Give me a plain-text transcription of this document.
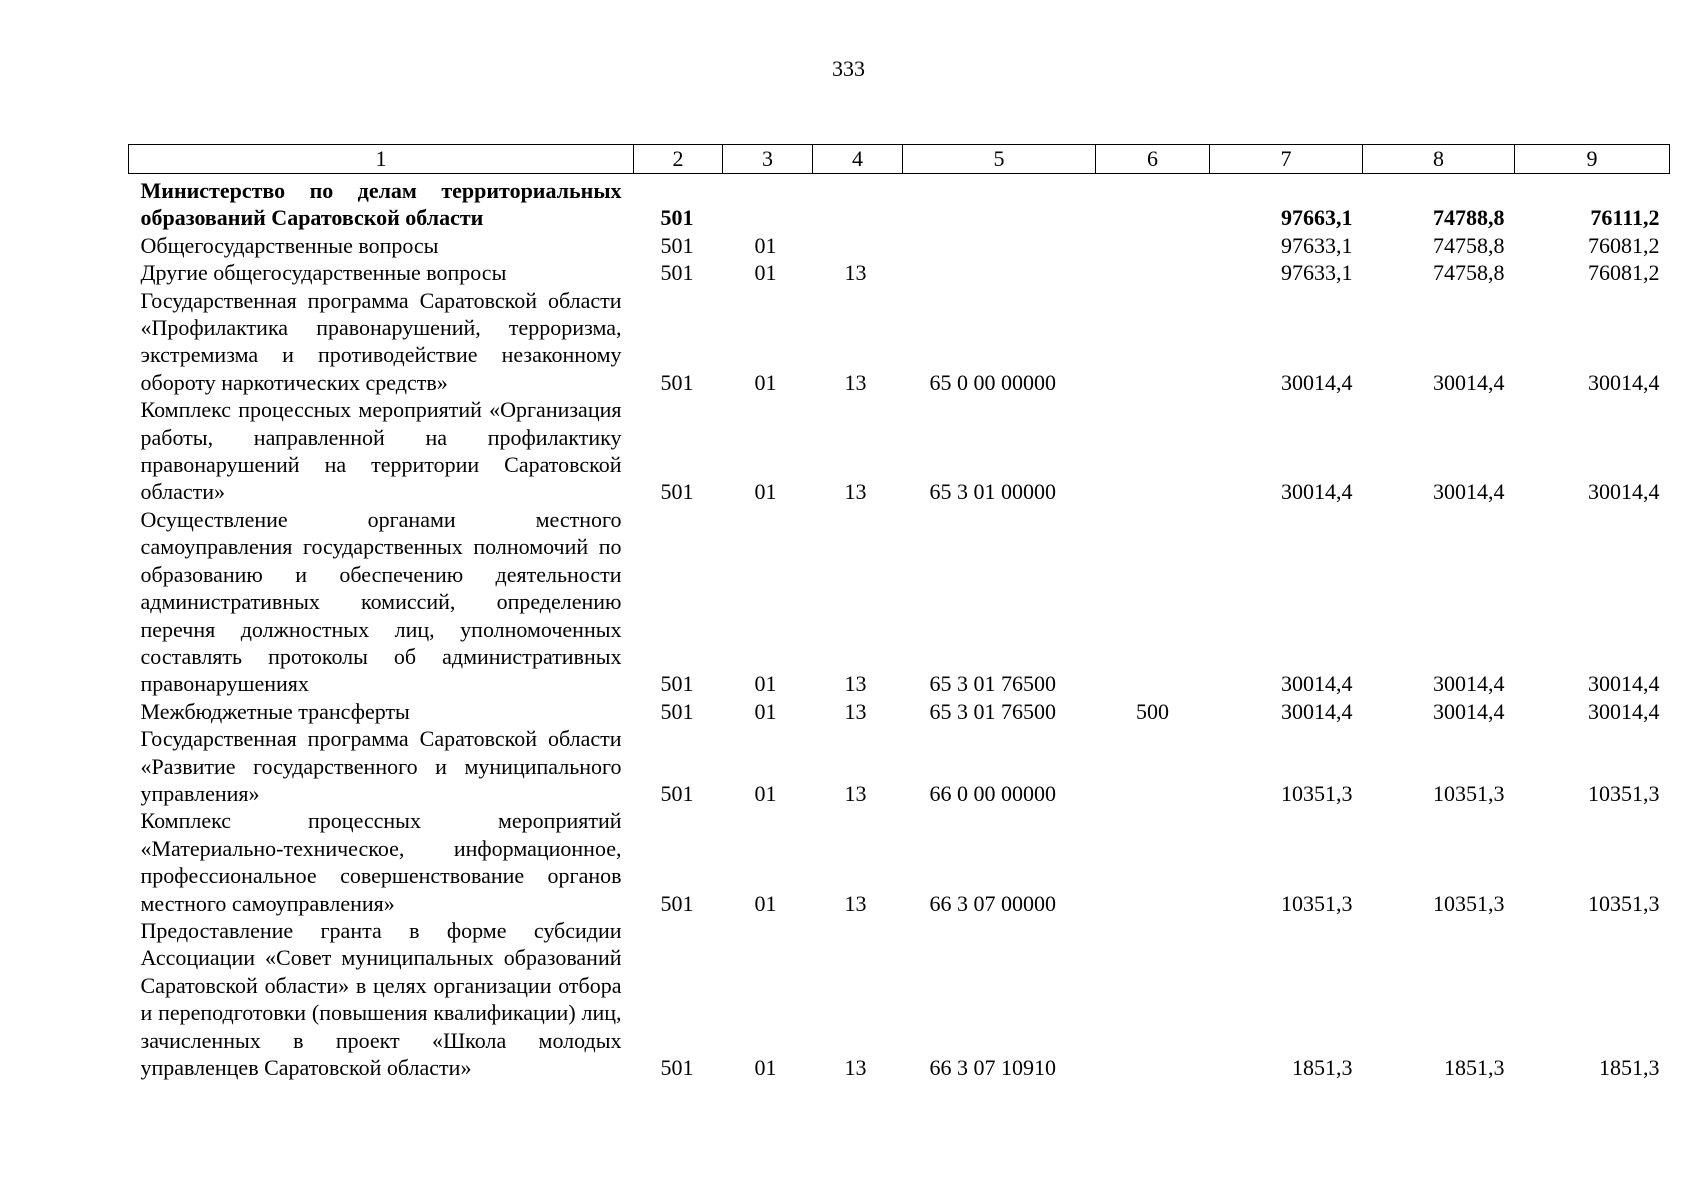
333
1	2	3	4	5	6	7	8	9
Министерство по делам территориальных образований Саратовской области	501					97663,1	74788,8	76111,2
Общегосударственные вопросы	501	01				97633,1	74758,8	76081,2
Другие общегосударственные вопросы	501	01	13			97633,1	74758,8	76081,2
Государственная программа Саратовской области «Профилактика правонарушений, терроризма, экстремизма и противодействие незаконному обороту наркотических средств»	501	01	13	65 0 00 00000		30014,4	30014,4	30014,4
Комплекс процессных мероприятий «Организация работы, направленной на профилактику правонарушений на территории Саратовской области»	501	01	13	65 3 01 00000		30014,4	30014,4	30014,4
Осуществление органами местного самоуправления государственных полномочий по образованию и обеспечению деятельности административных комиссий, определению перечня должностных лиц, уполномоченных составлять протоколы об административных правонарушениях	501	01	13	65 3 01 76500		30014,4	30014,4	30014,4
Межбюджетные трансферты	501	01	13	65 3 01 76500	500	30014,4	30014,4	30014,4
Государственная программа Саратовской области «Развитие государственного и муниципального управления»	501	01	13	66 0 00 00000		10351,3	10351,3	10351,3
Комплекс процессных мероприятий «Материально-техническое, информационное, профессиональное совершенствование органов местного самоуправления»	501	01	13	66 3 07 00000		10351,3	10351,3	10351,3
Предоставление гранта в форме субсидии Ассоциации «Совет муниципальных образований Саратовской области» в целях организации отбора и переподготовки (повышения квалификации) лиц, зачисленных в проект «Школа молодых управленцев Саратовской области»	501	01	13	66 3 07 10910		1851,3	1851,3	1851,3
